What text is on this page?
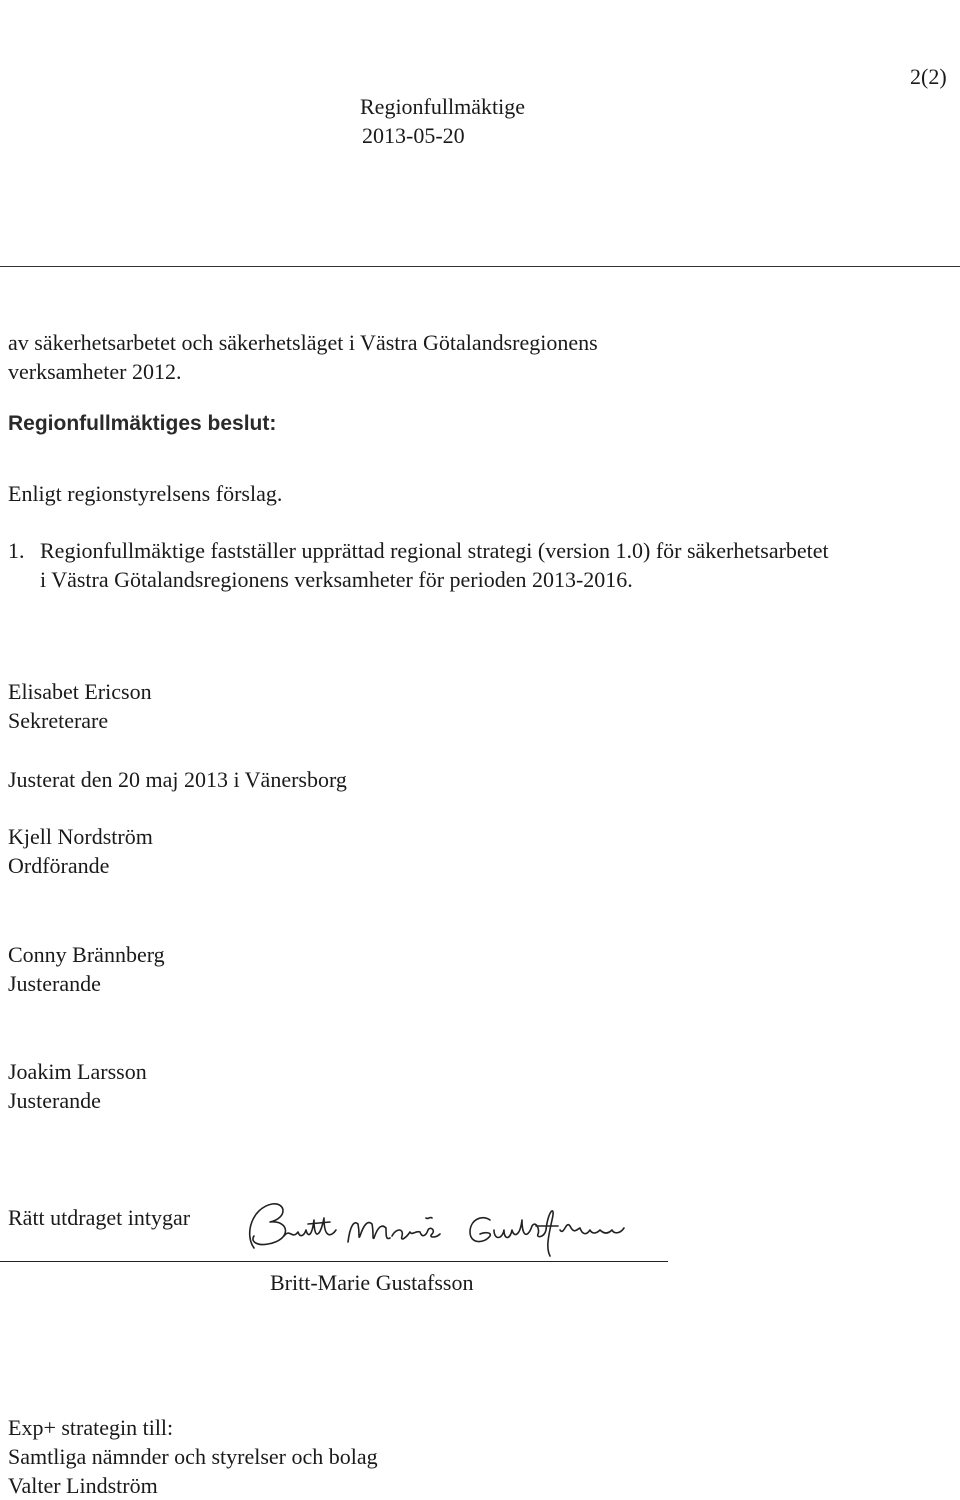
Regionfullmäktige
2013-05-20
2(2)
av säkerhetsarbetet och säkerhetsläget i Västra Götalandsregionens verksamheter 2012.
Regionfullmäktiges beslut:
Enligt regionstyrelsens förslag.
1. Regionfullmäktige fastställer upprättad regional strategi (version 1.0) för säkerhetsarbetet i Västra Götalandsregionens verksamheter för perioden 2013-2016.
Elisabet Ericson
Sekreterare
Justerat den 20 maj 2013 i Vänersborg
Kjell Nordström
Ordförande
Conny Brännberg
Justerande
Joakim Larsson
Justerande
Rätt utdraget intygar
Britt-Marie Gustafsson
Exp+ strategin till:
Samtliga nämnder och styrelser och bolag
Valter Lindström
